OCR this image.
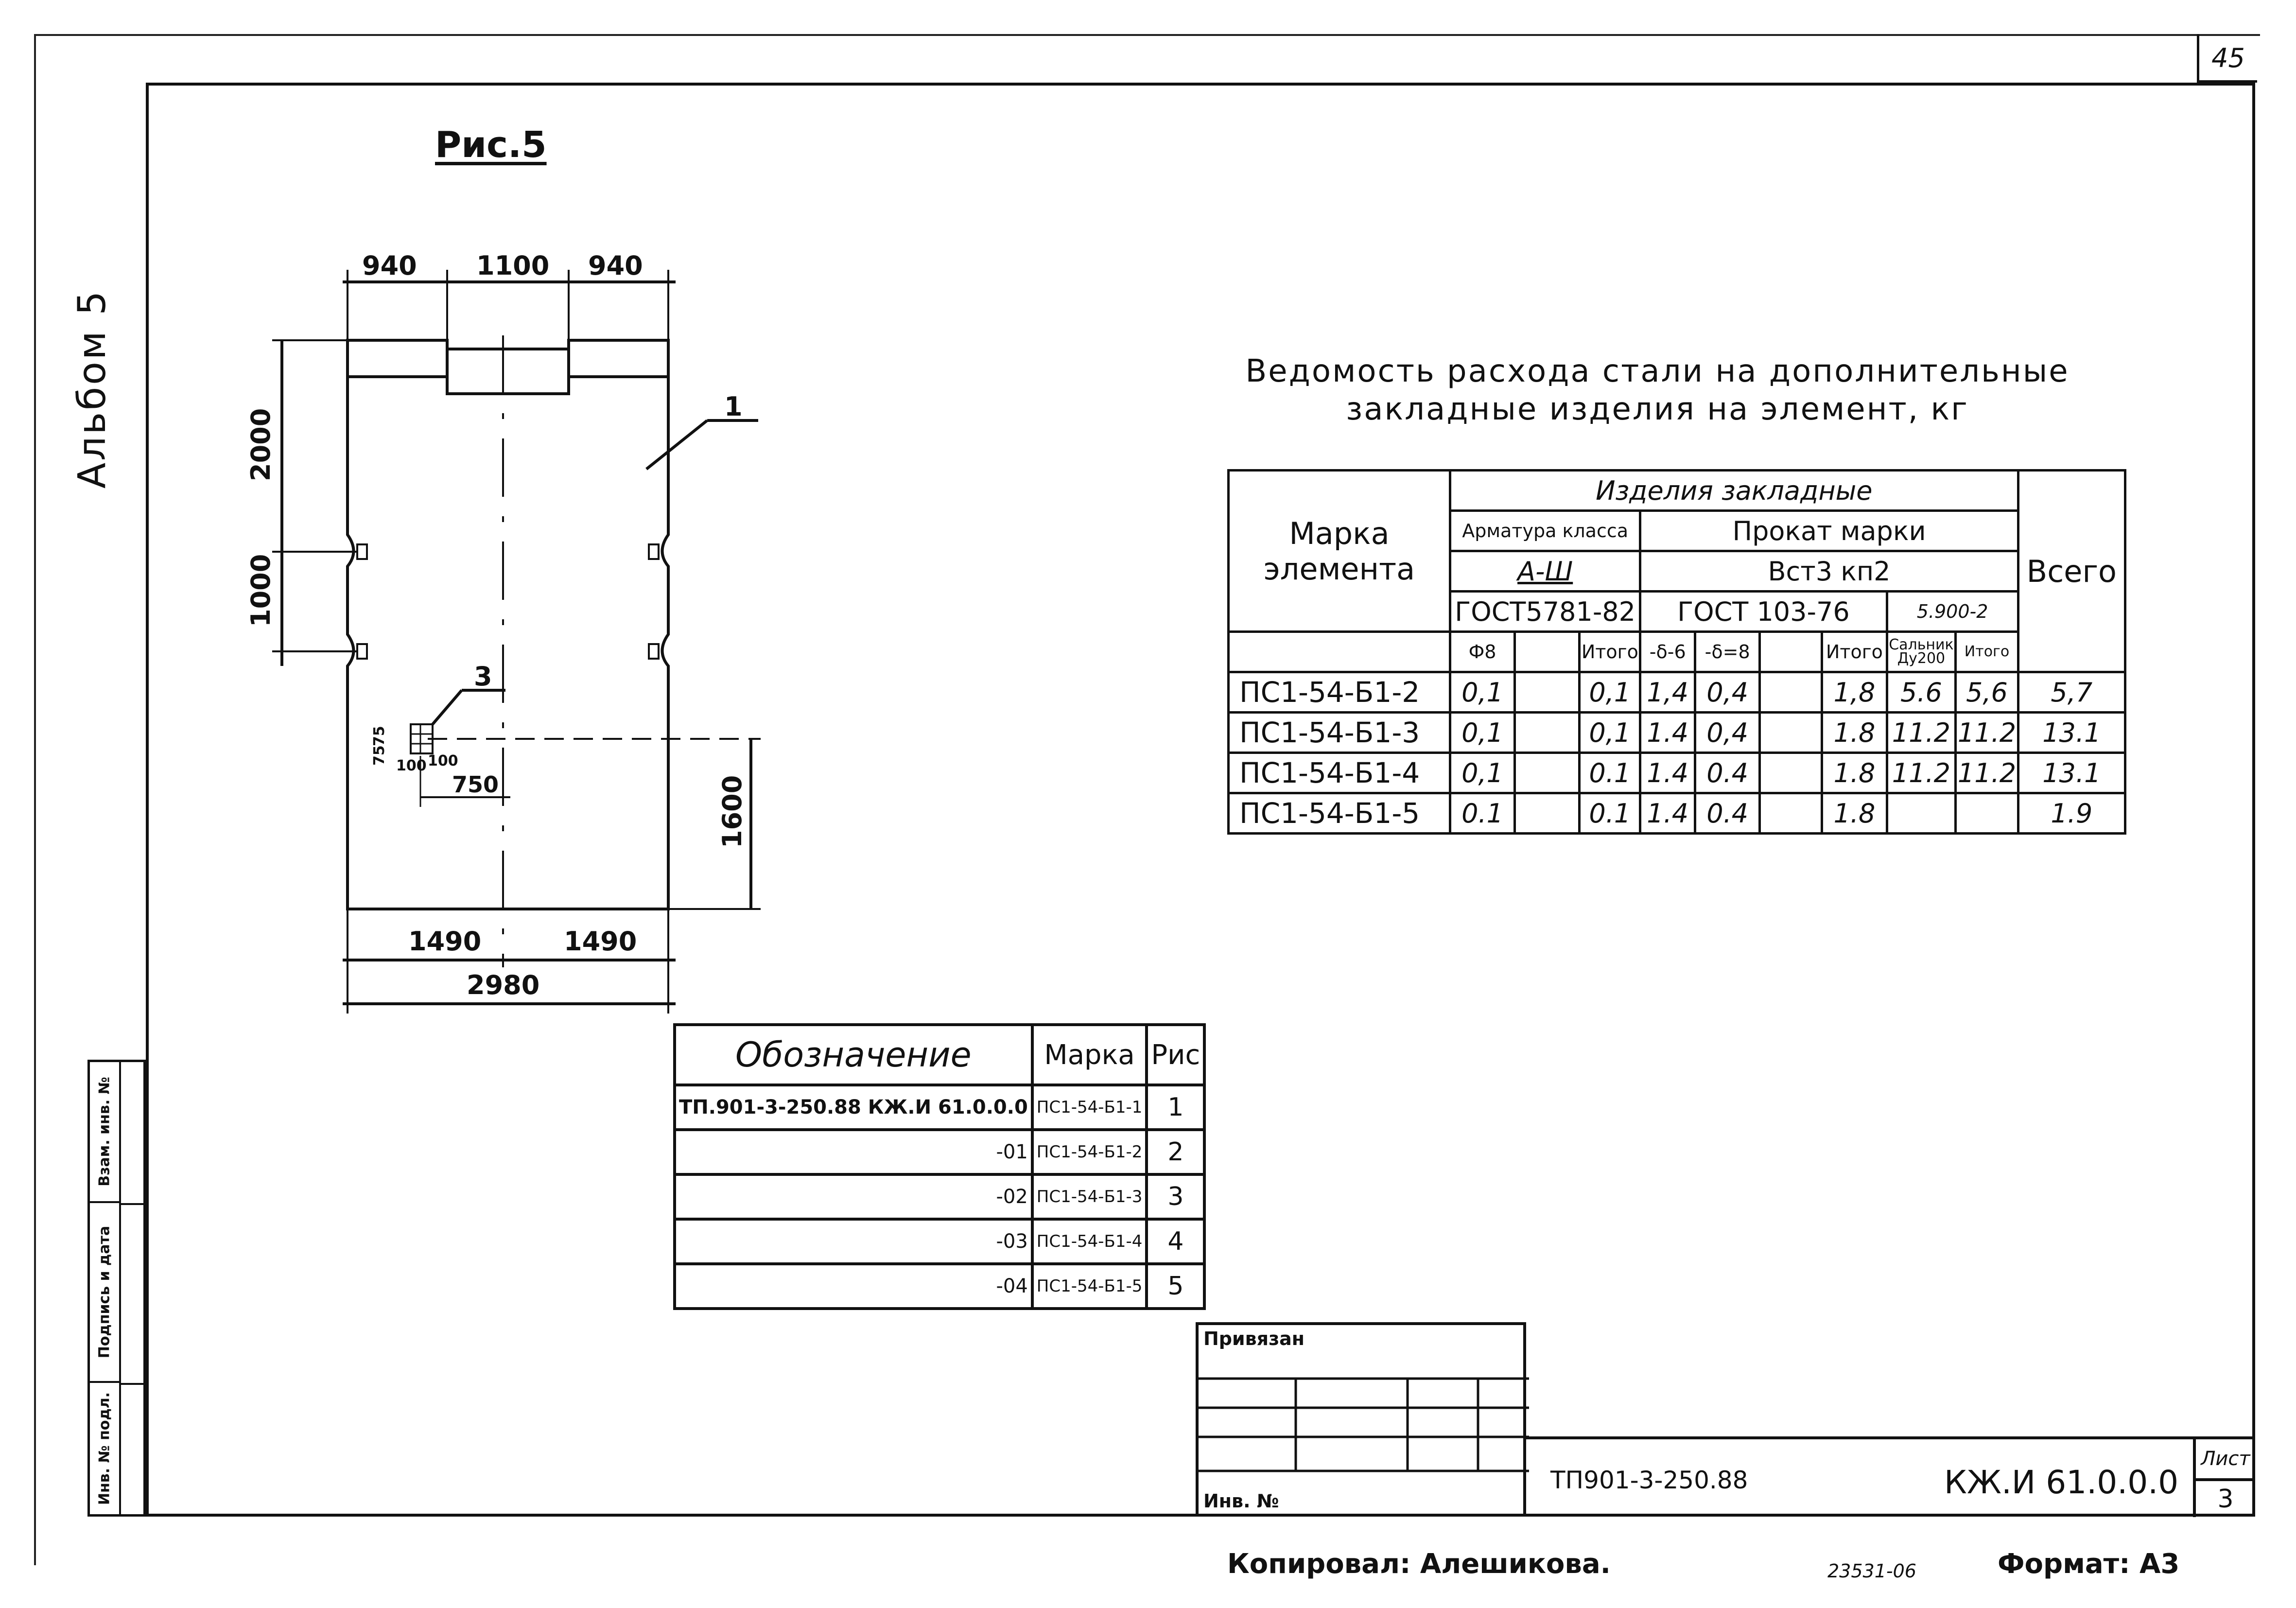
45
Альбом 5
Взам. инв. №
Подпись и дата
Инв. № подл.
Рис.5
940 1100 940
2000
1000
1600
1490	1490
2980
1
3
75
75
100 100
750
Ведомость расхода стали на дополнительные
закладные изделия на элемент, кг
Марка элемента	Изделия закладные									Всего
	Арматура класса			Прокат марки						
	А-Ш			Вст3 кп2						
	ГОСТ5781-82			ГОСТ 103-76				5.900-2		
	Ф8		Итого	-δ-6	-δ=8		Итого	Сальник Ду200	Итого	
ПС1-54-Б1-2	0,1		0,1	1,4	0,4		1,8	5.6	5,6	5,7
ПС1-54-Б1-3	0,1		0,1	1.4	0,4		1.8	11.2	11.2	13.1
ПС1-54-Б1-4	0,1		0.1	1.4	0.4		1.8	11.2	11.2	13.1
ПС1-54-Б1-5	0.1		0.1	1.4	0.4		1.8			1.9
Обозначение	Марка	Рис
ТП.901-3-250.88 КЖ.И 61.0.0.0	ПС1-54-Б1-1	1
-01	ПС1-54-Б1-2	2
-02	ПС1-54-Б1-3	3
-03	ПС1-54-Б1-4	4
-04	ПС1-54-Б1-5	5
Привязан
Инв. №
ТП901-3-250.88	КЖ.И 61.0.0.0
Лист
3
Копировал: Алешикова.	23531-06	Формат: А3
